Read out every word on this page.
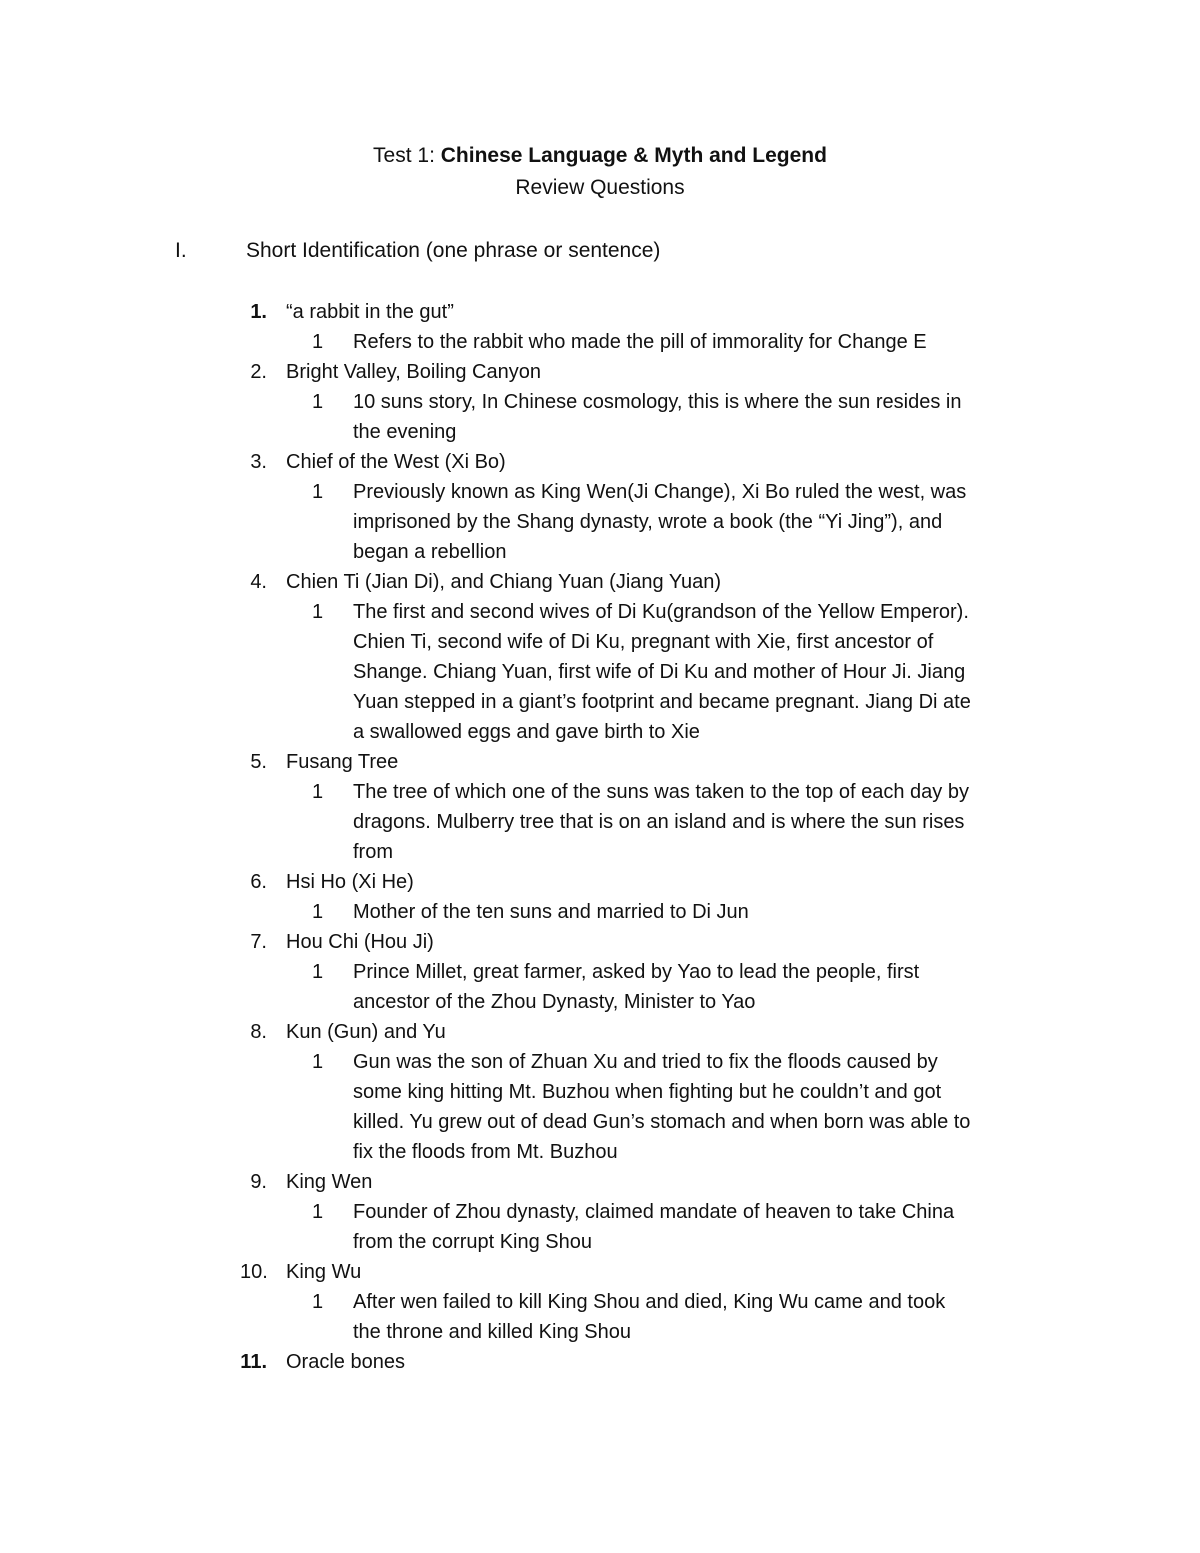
Test 1: Chinese Language & Myth and Legend
Review Questions
I.	Short Identification (one phrase or sentence)
1. “a rabbit in the gut”
1 Refers to the rabbit who made the pill of immorality for Change E
2. Bright Valley, Boiling Canyon
1 10 suns story, In Chinese cosmology, this is where the sun resides in
the evening
3. Chief of the West (Xi Bo)
1 Previously known as King Wen(Ji Change), Xi Bo ruled the west, was
imprisoned by the Shang dynasty, wrote a book (the “Yi Jing”), and
began a rebellion
4. Chien Ti (Jian Di), and Chiang Yuan (Jiang Yuan)
1 The first and second wives of Di Ku(grandson of the Yellow Emperor).
Chien Ti, second wife of Di Ku, pregnant with Xie, first ancestor of
Shange. Chiang Yuan, first wife of Di Ku and mother of Hour Ji. Jiang
Yuan stepped in a giant’s footprint and became pregnant. Jiang Di ate
a swallowed eggs and gave birth to Xie
5. Fusang Tree
1 The tree of which one of the suns was taken to the top of each day by
dragons. Mulberry tree that is on an island and is where the sun rises
from
6. Hsi Ho (Xi He)
1 Mother of the ten suns and married to Di Jun
7. Hou Chi (Hou Ji)
1 Prince Millet, great farmer, asked by Yao to lead the people, first
ancestor of the Zhou Dynasty, Minister to Yao
8. Kun (Gun) and Yu
1 Gun was the son of Zhuan Xu and tried to fix the floods caused by
some king hitting Mt. Buzhou when fighting but he couldn’t and got
killed. Yu grew out of dead Gun’s stomach and when born was able to
fix the floods from Mt. Buzhou
9. King Wen
1 Founder of Zhou dynasty, claimed mandate of heaven to take China
from the corrupt King Shou
10. King Wu
1 After wen failed to kill King Shou and died, King Wu came and took
the throne and killed King Shou
11. Oracle bones
